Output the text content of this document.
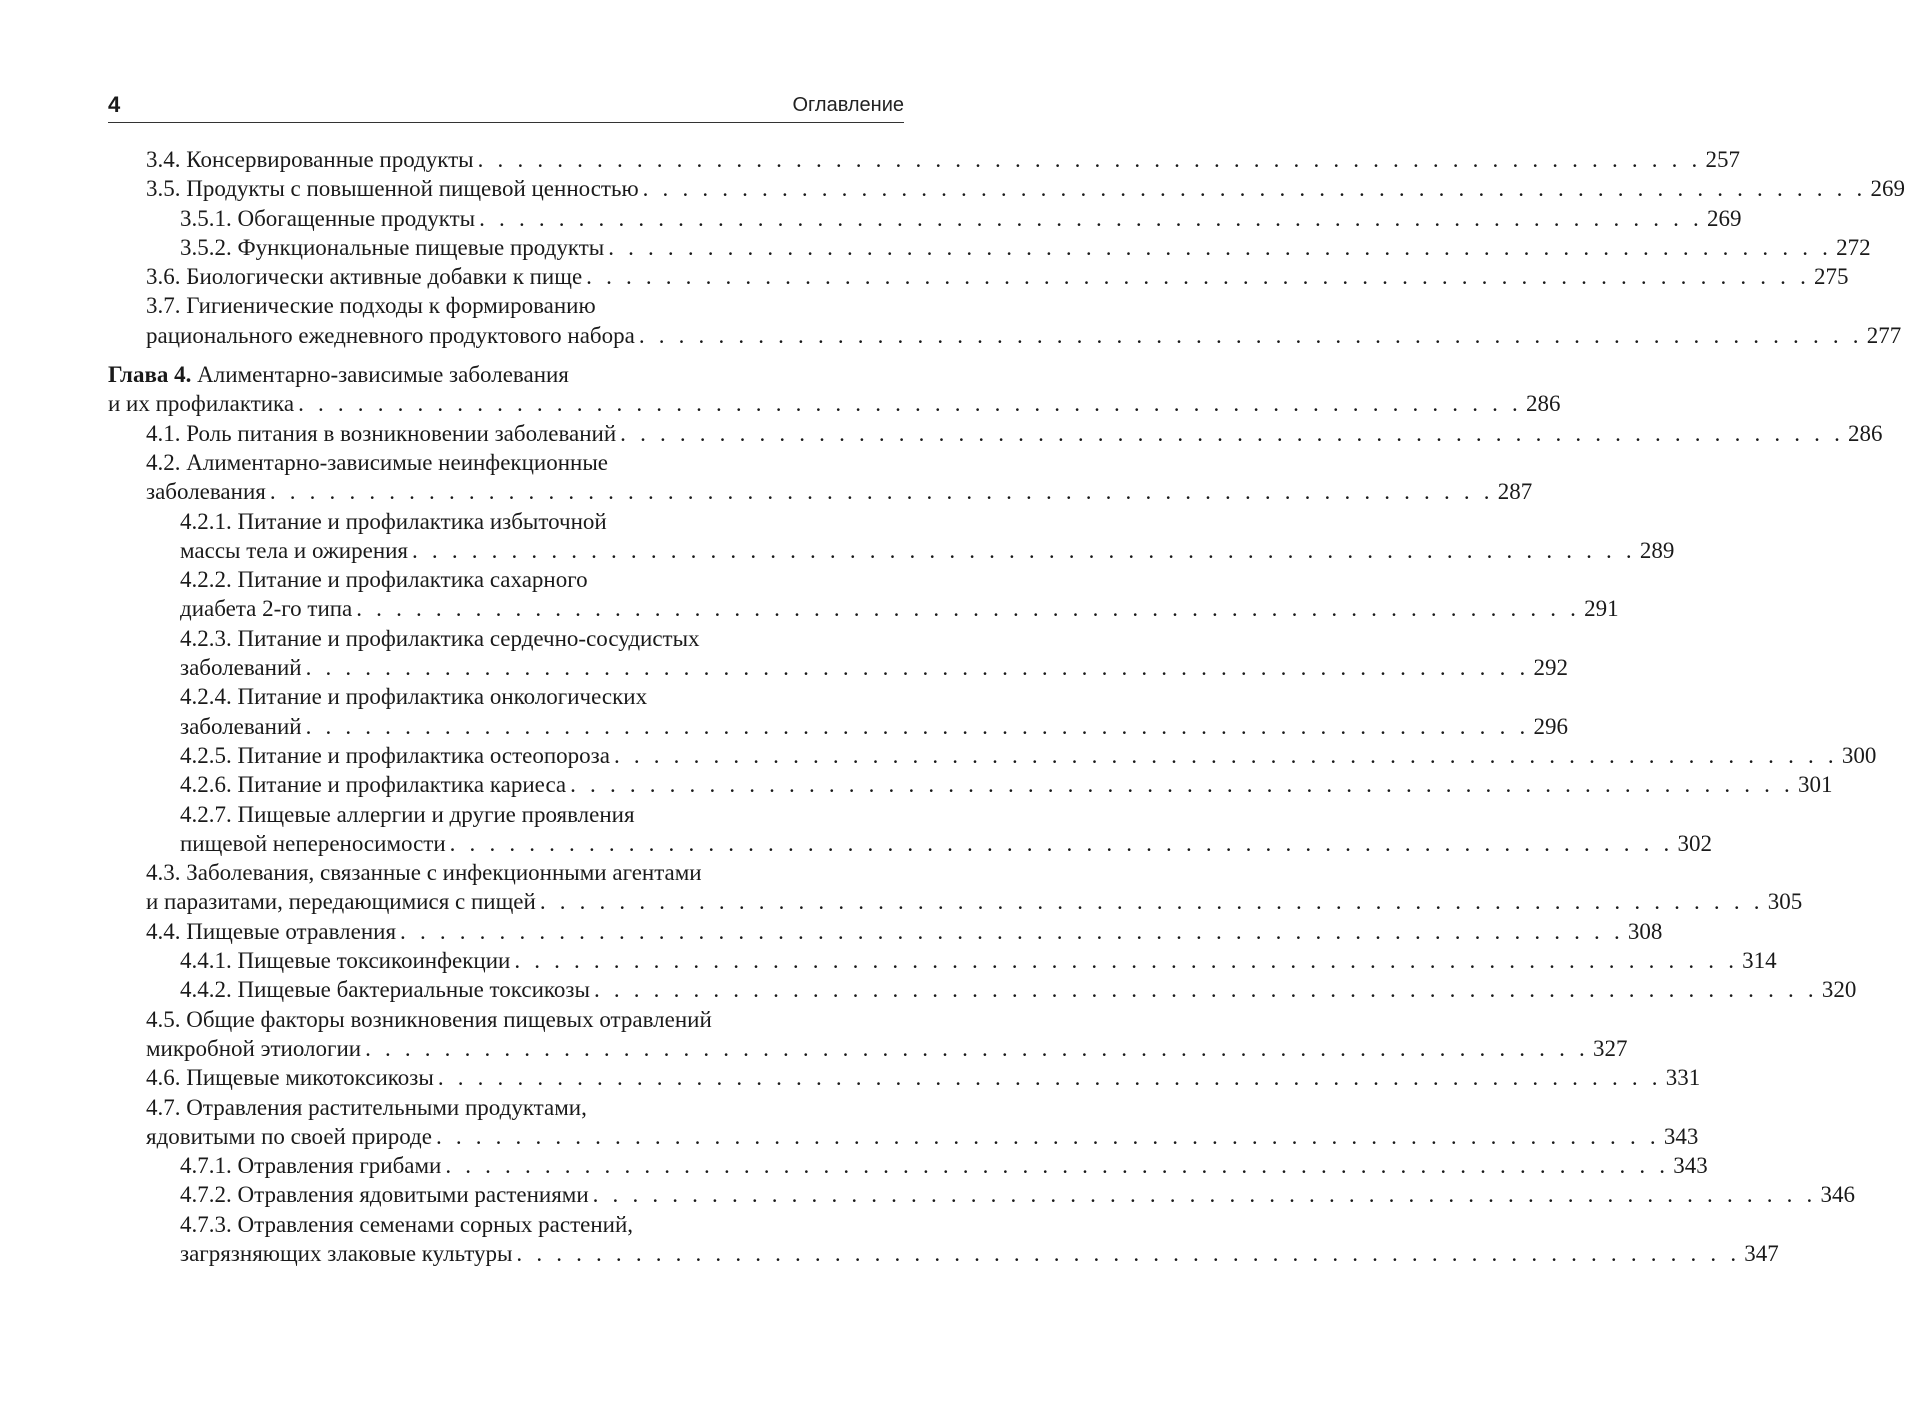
4	Оглавление
3.4. Консервированные продукты . . . . . . . . . . . . . . . . . . . . . . . . . . . . . . . . . . . . . . . . . . . . . . . . . . . . . . . . . . . . . . 257
3.5. Продукты с повышенной пищевой ценностью . . . . . . . . . . . . . . . . . . . . . . . . . . . . . . . . . . . . . . . . . . . . . . . . . . . . . . . . . . . . . . 269
3.5.1. Обогащенные продукты . . . . . . . . . . . . . . . . . . . . . . . . . . . . . . . . . . . . . . . . . . . . . . . . . . . . . . . . . . . . . . 269
3.5.2. Функциональные пищевые продукты . . . . . . . . . . . . . . . . . . . . . . . . . . . . . . . . . . . . . . . . . . . . . . . . . . . . . . . . . . . . . . 272
3.6. Биологически активные добавки к пище . . . . . . . . . . . . . . . . . . . . . . . . . . . . . . . . . . . . . . . . . . . . . . . . . . . . . . . . . . . . . . 275
3.7. Гигиенические подходы к формированию
рационального ежедневного продуктового набора . . . . . . . . . . . . . . . . . . . . . . . . . . . . . . . . . . . . . . . . . . . . . . . . . . . . . . . . . . . . . . 277
Глава 4. Алиментарно-зависимые заболевания
и их профилактика . . . . . . . . . . . . . . . . . . . . . . . . . . . . . . . . . . . . . . . . . . . . . . . . . . . . . . . . . . . . . . 286
4.1. Роль питания в возникновении заболеваний . . . . . . . . . . . . . . . . . . . . . . . . . . . . . . . . . . . . . . . . . . . . . . . . . . . . . . . . . . . . . . 286
4.2. Алиментарно-зависимые неинфекционные
заболевания . . . . . . . . . . . . . . . . . . . . . . . . . . . . . . . . . . . . . . . . . . . . . . . . . . . . . . . . . . . . . . 287
4.2.1. Питание и профилактика избыточной
массы тела и ожирения . . . . . . . . . . . . . . . . . . . . . . . . . . . . . . . . . . . . . . . . . . . . . . . . . . . . . . . . . . . . . . 289
4.2.2. Питание и профилактика сахарного
диабета 2-го типа . . . . . . . . . . . . . . . . . . . . . . . . . . . . . . . . . . . . . . . . . . . . . . . . . . . . . . . . . . . . . . 291
4.2.3. Питание и профилактика сердечно-сосудистых
заболеваний . . . . . . . . . . . . . . . . . . . . . . . . . . . . . . . . . . . . . . . . . . . . . . . . . . . . . . . . . . . . . . 292
4.2.4. Питание и профилактика онкологических
заболеваний . . . . . . . . . . . . . . . . . . . . . . . . . . . . . . . . . . . . . . . . . . . . . . . . . . . . . . . . . . . . . . 296
4.2.5. Питание и профилактика остеопороза . . . . . . . . . . . . . . . . . . . . . . . . . . . . . . . . . . . . . . . . . . . . . . . . . . . . . . . . . . . . . . 300
4.2.6. Питание и профилактика кариеса . . . . . . . . . . . . . . . . . . . . . . . . . . . . . . . . . . . . . . . . . . . . . . . . . . . . . . . . . . . . . . 301
4.2.7. Пищевые аллергии и другие проявления
пищевой непереносимости . . . . . . . . . . . . . . . . . . . . . . . . . . . . . . . . . . . . . . . . . . . . . . . . . . . . . . . . . . . . . . 302
4.3. Заболевания, связанные с инфекционными агентами
и паразитами, передающимися с пищей . . . . . . . . . . . . . . . . . . . . . . . . . . . . . . . . . . . . . . . . . . . . . . . . . . . . . . . . . . . . . . 305
4.4. Пищевые отравления . . . . . . . . . . . . . . . . . . . . . . . . . . . . . . . . . . . . . . . . . . . . . . . . . . . . . . . . . . . . . . 308
4.4.1. Пищевые токсикоинфекции . . . . . . . . . . . . . . . . . . . . . . . . . . . . . . . . . . . . . . . . . . . . . . . . . . . . . . . . . . . . . . 314
4.4.2. Пищевые бактериальные токсикозы . . . . . . . . . . . . . . . . . . . . . . . . . . . . . . . . . . . . . . . . . . . . . . . . . . . . . . . . . . . . . . 320
4.5. Общие факторы возникновения пищевых отравлений
микробной этиологии . . . . . . . . . . . . . . . . . . . . . . . . . . . . . . . . . . . . . . . . . . . . . . . . . . . . . . . . . . . . . . 327
4.6. Пищевые микотоксикозы . . . . . . . . . . . . . . . . . . . . . . . . . . . . . . . . . . . . . . . . . . . . . . . . . . . . . . . . . . . . . . 331
4.7. Отравления растительными продуктами,
ядовитыми по своей природе . . . . . . . . . . . . . . . . . . . . . . . . . . . . . . . . . . . . . . . . . . . . . . . . . . . . . . . . . . . . . . 343
4.7.1. Отравления грибами . . . . . . . . . . . . . . . . . . . . . . . . . . . . . . . . . . . . . . . . . . . . . . . . . . . . . . . . . . . . . . 343
4.7.2. Отравления ядовитыми растениями . . . . . . . . . . . . . . . . . . . . . . . . . . . . . . . . . . . . . . . . . . . . . . . . . . . . . . . . . . . . . . 346
4.7.3. Отравления семенами сорных растений,
загрязняющих злаковые культуры . . . . . . . . . . . . . . . . . . . . . . . . . . . . . . . . . . . . . . . . . . . . . . . . . . . . . . . . . . . . . . 347
